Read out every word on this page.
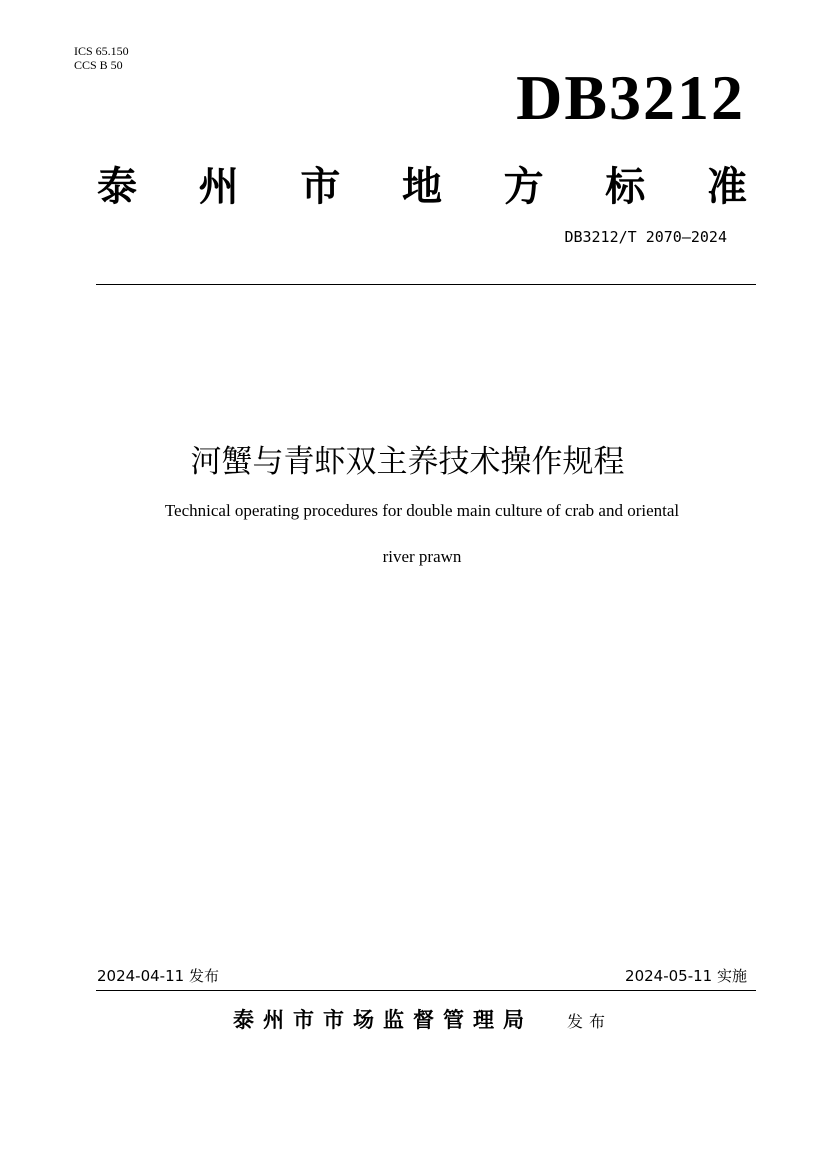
ICS 65.150
CCS B 50	DB3212
泰 州 市 地 方 标 准
DB3212/T 2070—2024
河蟹与青虾双主养技术操作规程
Technical operating procedures for double main culture of crab and oriental
river prawn
2024-04-11 发布	2024-05-11 实施
泰州市市场监督管理局 发布
